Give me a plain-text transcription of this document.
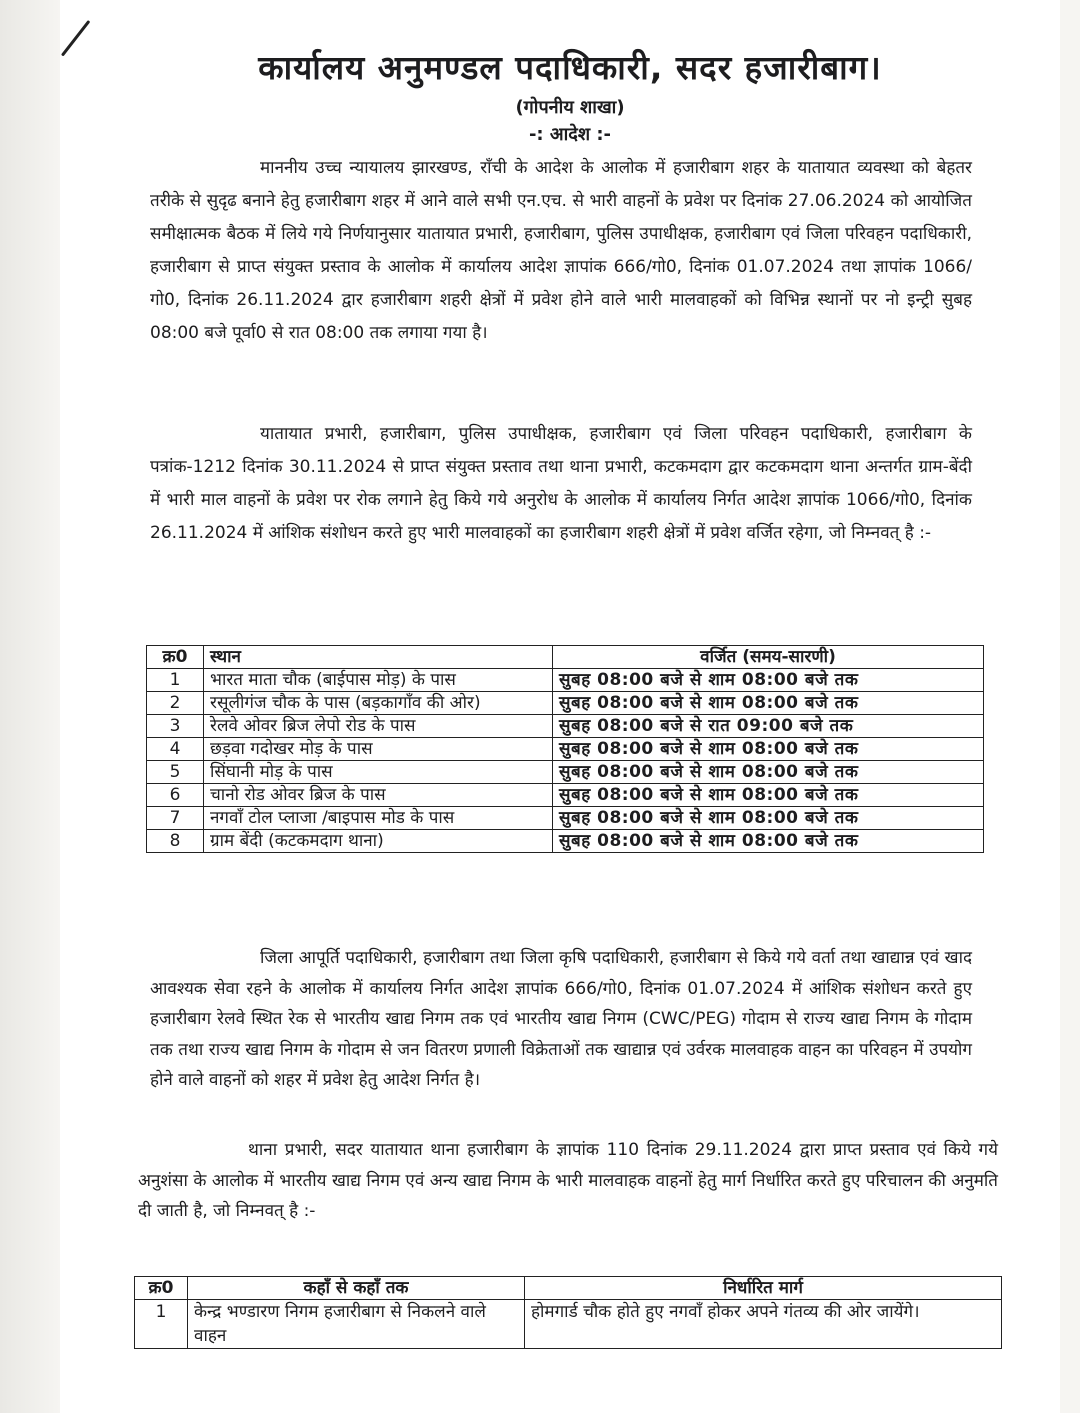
कार्यालय अनुमण्डल पदाधिकारी, सदर हजारीबाग।

(गोपनीय शाखा)

-: आदेश :-

माननीय उच्च न्यायालय झारखण्ड, राँची के आदेश के आलोक में हजारीबाग शहर के यातायात व्यवस्था को बेहतर तरीके से सुदृढ बनाने हेतु हजारीबाग शहर में आने वाले सभी एन.एच. से भारी वाहनों के प्रवेश पर दिनांक 27.06.2024 को आयोजित समीक्षात्मक बैठक में लिये गये निर्णयानुसार यातायात प्रभारी, हजारीबाग, पुलिस उपाधीक्षक, हजारीबाग एवं जिला परिवहन पदाधिकारी, हजारीबाग से प्राप्त संयुक्त प्रस्ताव के आलोक में कार्यालय आदेश ज्ञापांक 666/गो0, दिनांक 01.07.2024 तथा ज्ञापांक 1066/गो0, दिनांक 26.11.2024 द्वार हजारीबाग शहरी क्षेत्रों में प्रवेश होने वाले भारी मालवाहकों को विभिन्न स्थानों पर नो इन्ट्री सुबह 08:00 बजे पूर्वा0 से रात 08:00 तक लगाया गया है।

यातायात प्रभारी, हजारीबाग, पुलिस उपाधीक्षक, हजारीबाग एवं जिला परिवहन पदाधिकारी, हजारीबाग के पत्रांक-1212 दिनांक 30.11.2024 से प्राप्त संयुक्त प्रस्ताव तथा थाना प्रभारी, कटकमदाग द्वार कटकमदाग थाना अन्तर्गत ग्राम-बेंदी में भारी माल वाहनों के प्रवेश पर रोक लगाने हेतु किये गये अनुरोध के आलोक में कार्यालय निर्गत आदेश ज्ञापांक 1066/गो0, दिनांक 26.11.2024 में आंशिक संशोधन करते हुए भारी मालवाहकों का हजारीबाग शहरी क्षेत्रों में प्रवेश वर्जित रहेगा, जो निम्नवत् है :-

क्र0	स्थान	वर्जित (समय-सारणी)
1	भारत माता चौक (बाईपास मोड़) के पास	सुबह 08:00 बजे से शाम 08:00 बजे तक
2	रसूलीगंज चौक के पास (बड़कागाँव की ओर)	सुबह 08:00 बजे से शाम 08:00 बजे तक
3	रेलवे ओवर ब्रिज लेपो रोड के पास	सुबह 08:00 बजे से रात 09:00 बजे तक
4	छड़वा गदोखर मोड़ के पास	सुबह 08:00 बजे से शाम 08:00 बजे तक
5	सिंघानी मोड़ के पास	सुबह 08:00 बजे से शाम 08:00 बजे तक
6	चानो रोड ओवर ब्रिज के पास	सुबह 08:00 बजे से शाम 08:00 बजे तक
7	नगवाँ टोल प्लाजा /बाइपास मोड के पास	सुबह 08:00 बजे से शाम 08:00 बजे तक
8	ग्राम बेंदी (कटकमदाग थाना)	सुबह 08:00 बजे से शाम 08:00 बजे तक

जिला आपूर्ति पदाधिकारी, हजारीबाग तथा जिला कृषि पदाधिकारी, हजारीबाग से किये गये वर्ता तथा खाद्यान्न एवं खाद आवश्यक सेवा रहने के आलोक में कार्यालय निर्गत आदेश ज्ञापांक 666/गो0, दिनांक 01.07.2024 में आंशिक संशोधन करते हुए हजारीबाग रेलवे स्थित रेक से भारतीय खाद्य निगम तक एवं भारतीय खाद्य निगम (CWC/PEG) गोदाम से राज्य खाद्य निगम के गोदाम तक तथा राज्य खाद्य निगम के गोदाम से जन वितरण प्रणाली विक्रेताओं तक खाद्यान्न एवं उर्वरक मालवाहक वाहन का परिवहन में उपयोग होने वाले वाहनों को शहर में प्रवेश हेतु आदेश निर्गत है।

थाना प्रभारी, सदर यातायात थाना हजारीबाग के ज्ञापांक 110 दिनांक 29.11.2024 द्वारा प्राप्त प्रस्ताव एवं किये गये अनुशंसा के आलोक में भारतीय खाद्य निगम एवं अन्य खाद्य निगम के भारी मालवाहक वाहनों हेतु मार्ग निर्धारित करते हुए परिचालन की अनुमति दी जाती है, जो निम्नवत् है :-

क्र0	कहाँ से कहाँ तक	निर्धारित मार्ग
1	केन्द्र भण्डारण निगम हजारीबाग से निकलने वाले वाहन	होमगार्ड चौक होते हुए नगवाँ होकर अपने गंतव्य की ओर जायेंगे।
